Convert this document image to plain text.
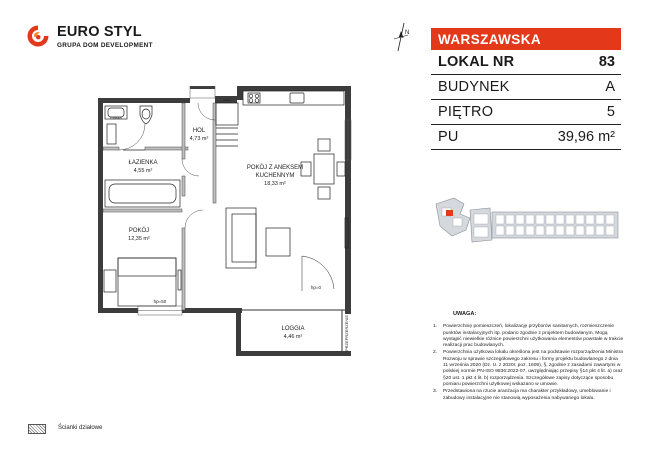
EURO STYL
GRUPA DOM DEVELOPMENT
N	WARSZAWSKA
LOKAL NR	83
BUDYNEK	A
PIĘTRO	5
PU	39,96 m²
HOL
4,73 m²
ŁAZIENKA
4,55 m²	POKÓJ Z ANEKSEM
KUCHENNYM
18,33 m²
POKÓJ
12,35 m²
LOGGIA
4,46 m²
maska
rack
hp=0
hp=50
PRZEPRZERZENIE
UWAGA:
1.	Powierzchnię pomieszczeń, lokalizację przyborów sanitarnych, rozmieszczenie punktów instalacyjnych itp. podano zgodnie z projektem budowlanym. Mogą wystąpić niewielkie różnice powierzchni użytkowania elementów powstałe w trakcie realizacji prac budowlanych.
2.	Powierzchnia użytkowa lokalu określona jest na podstawie rozporządzenia Ministra Rozwoju w sprawie szczegółowego zakresu i formy projektu budowlanego z dnia 11 września 2020 (Dz. U. z 2020r. poz. 1609), §, zgodnie z zasadami zawartymi w polskiej normie PN-ISO 9836:2022-07, uwzględniając przepisy §14 pkt 4 lit. a) oraz §20 ust. 1 pkt 4 lit. b) rozporządzenia. Szczegółowe zapisy dotyczące sposobu pomiaru powierzchni użytkowej wskazano w umowie.
3.	Przedstawiona na rzucie aranżacja ma charakter przykładowy, umeblowanie i zabudowy instalacyjne nie stanowią wyposażenia nabywanego lokalu.
Ścianki działowe
